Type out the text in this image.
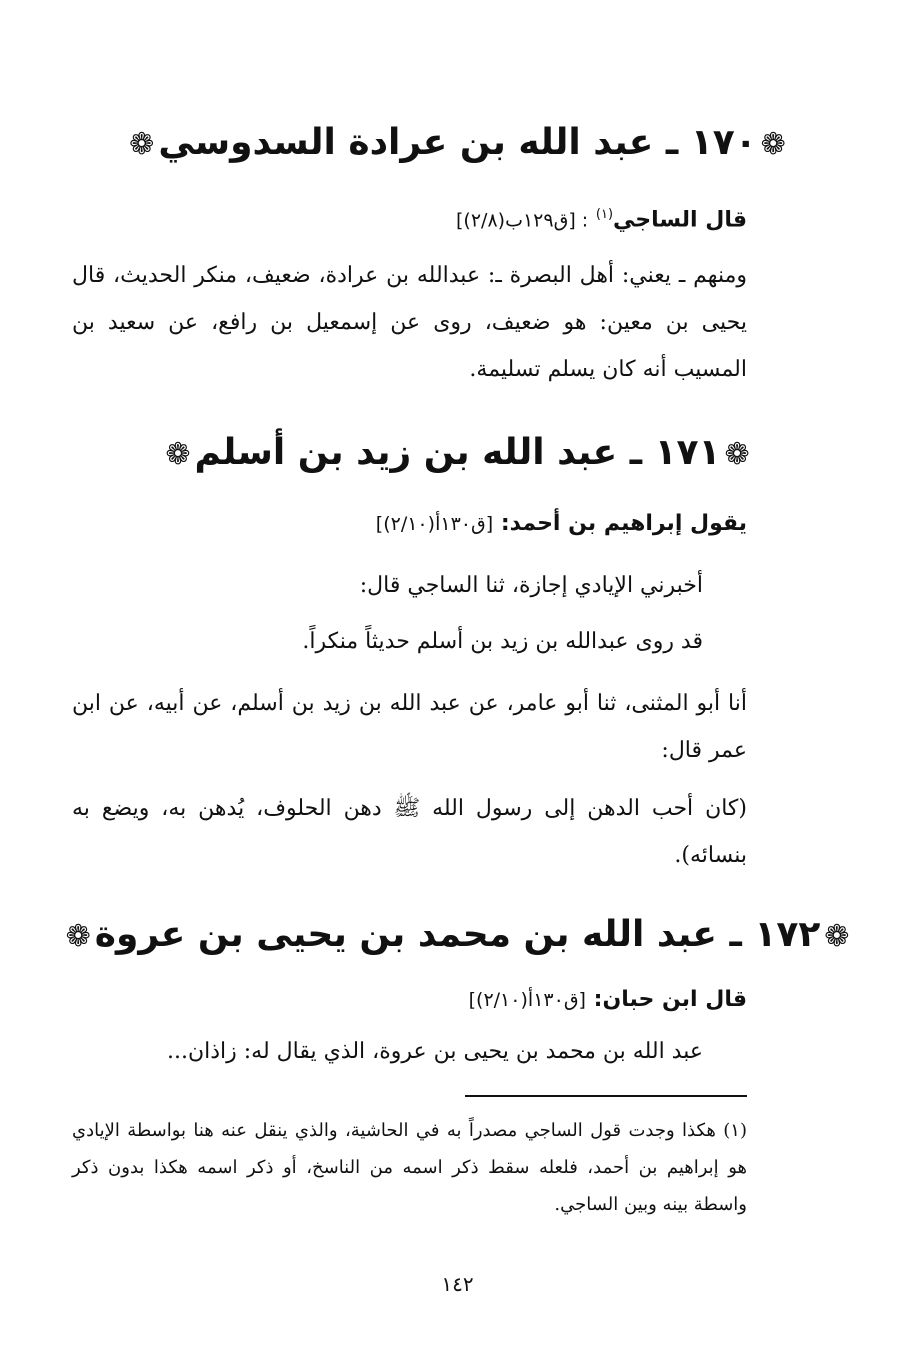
❁١٧٠ ـ عبد الله بن عرادة السدوسي❁
قال الساجي$^{(١)}$ : [ق١٢٩ب(٢/٨)]
ومنهم ـ يعني: أهل البصرة ـ: عبدالله بن عرادة، ضعيف، منكر الحديث، قال يحيى بن معين: هو ضعيف، روى عن إسمعيل بن رافع، عن سعيد بن المسيب أنه كان يسلم تسليمة.
❁١٧١ ـ عبد الله بن زيد بن أسلم❁
يقول إبراهيم بن أحمد: [ق١٣٠أ(٢/١٠)]
أخبرني الإيادي إجازة، ثنا الساجي قال:
قد روى عبدالله بن زيد بن أسلم حديثاً منكراً.
أنا أبو المثنى، ثنا أبو عامر، عن عبد الله بن زيد بن أسلم، عن أبيه، عن ابن عمر قال:
(كان أحب الدهن إلى رسول الله ﷺ دهن الحلوف، يُدهن به، ويضع به بنسائه).
❁١٧٢ ـ عبد الله بن محمد بن يحيى بن عروة❁
قال ابن حبان: [ق١٣٠أ(٢/١٠)]
عبد الله بن محمد بن يحيى بن عروة، الذي يقال له: زاذان...
(١) هكذا وجدت قول الساجي مصدراً به في الحاشية، والذي ينقل عنه هنا بواسطة الإيادي هو إبراهيم بن أحمد، فلعله سقط ذكر اسمه من الناسخ، أو ذكر اسمه هكذا بدون ذكر واسطة بينه وبين الساجي.
١٤٢
